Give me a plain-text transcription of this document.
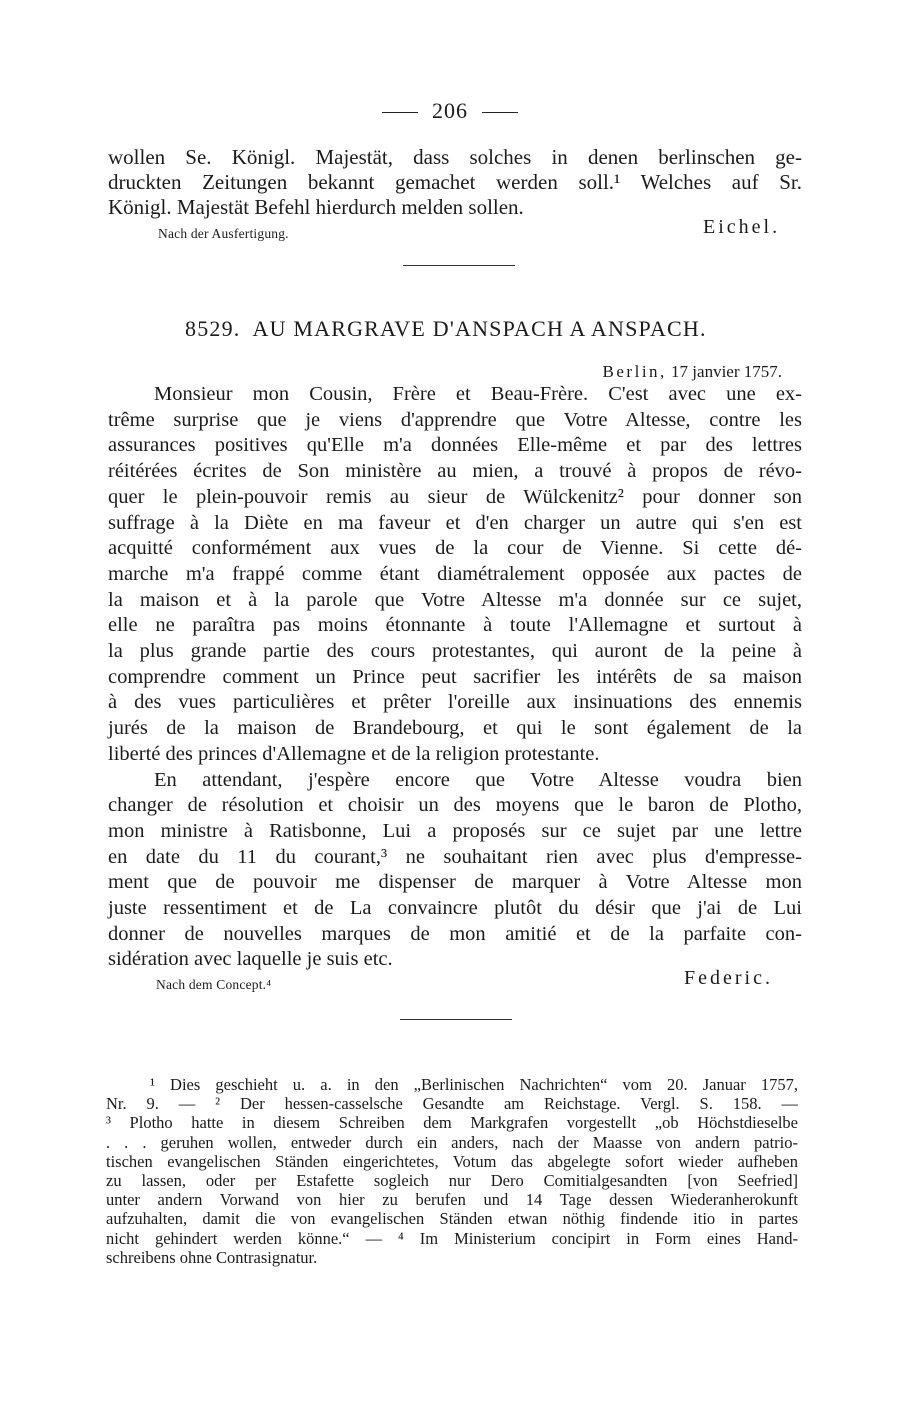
206
wollen Se. Königl. Majestät, dass solches in denen berlinschen ge-
druckten Zeitungen bekannt gemachet werden soll.¹ Welches auf Sr.
Königl. Majestät Befehl hierdurch melden sollen.
Nach der Ausfertigung.	Eichel.
8529. AU MARGRAVE D'ANSPACH A ANSPACH.
Berlin, 17 janvier 1757.
Monsieur mon Cousin, Frère et Beau-Frère. C'est avec une ex-
trême surprise que je viens d'apprendre que Votre Altesse, contre les
assurances positives qu'Elle m'a données Elle-même et par des lettres
réitérées écrites de Son ministère au mien, a trouvé à propos de révo-
quer le plein-pouvoir remis au sieur de Wülckenitz² pour donner son
suffrage à la Diète en ma faveur et d'en charger un autre qui s'en est
acquitté conformément aux vues de la cour de Vienne. Si cette dé-
marche m'a frappé comme étant diamétralement opposée aux pactes de
la maison et à la parole que Votre Altesse m'a donnée sur ce sujet,
elle ne paraîtra pas moins étonnante à toute l'Allemagne et surtout à
la plus grande partie des cours protestantes, qui auront de la peine à
comprendre comment un Prince peut sacrifier les intérêts de sa maison
à des vues particulières et prêter l'oreille aux insinuations des ennemis
jurés de la maison de Brandebourg, et qui le sont également de la
liberté des princes d'Allemagne et de la religion protestante.
En attendant, j'espère encore que Votre Altesse voudra bien
changer de résolution et choisir un des moyens que le baron de Plotho,
mon ministre à Ratisbonne, Lui a proposés sur ce sujet par une lettre
en date du 11 du courant,³ ne souhaitant rien avec plus d'empresse-
ment que de pouvoir me dispenser de marquer à Votre Altesse mon
juste ressentiment et de La convaincre plutôt du désir que j'ai de Lui
donner de nouvelles marques de mon amitié et de la parfaite con-
sidération avec laquelle je suis etc.
Nach dem Concept.⁴	Federic.
¹ Dies geschieht u. a. in den „Berlinischen Nachrichten“ vom 20. Januar 1757,
Nr. 9. — ² Der hessen-casselsche Gesandte am Reichstage. Vergl. S. 158. —
³ Plotho hatte in diesem Schreiben dem Markgrafen vorgestellt „ob Höchstdieselbe
. . . geruhen wollen, entweder durch ein anders, nach der Maasse von andern patrio-
tischen evangelischen Ständen eingerichtetes, Votum das abgelegte sofort wieder aufheben
zu lassen, oder per Estafette sogleich nur Dero Comitialgesandten [von Seefried]
unter andern Vorwand von hier zu berufen und 14 Tage dessen Wiederanherokunft
aufzuhalten, damit die von evangelischen Ständen etwan nöthig findende itio in partes
nicht gehindert werden könne.“ — ⁴ Im Ministerium concipirt in Form eines Hand-
schreibens ohne Contrasignatur.
